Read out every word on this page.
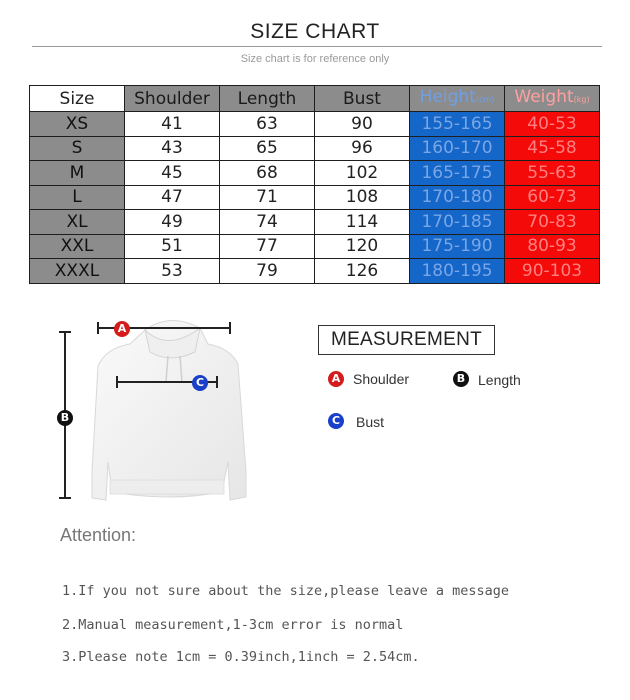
SIZE CHART
Size chart is for reference only
Size	Shoulder	Length	Bust	Height(cm)	Weight(kg)
XS	41	63	90	155-165	40-53
S	43	65	96	160-170	45-58
M	45	68	102	165-175	55-63
L	47	71	108	170-180	60-73
XL	49	74	114	170-185	70-83
XXL	51	77	120	175-190	80-93
XXXL	53	79	126	180-195	90-103
A
B
C
MEASUREMENT
A Shoulder	B Length
C Bust
Attention:
1.If you not sure about the size,please leave a message
2.Manual measurement,1-3cm error is normal
3.Please note 1cm = 0.39inch,1inch = 2.54cm.
